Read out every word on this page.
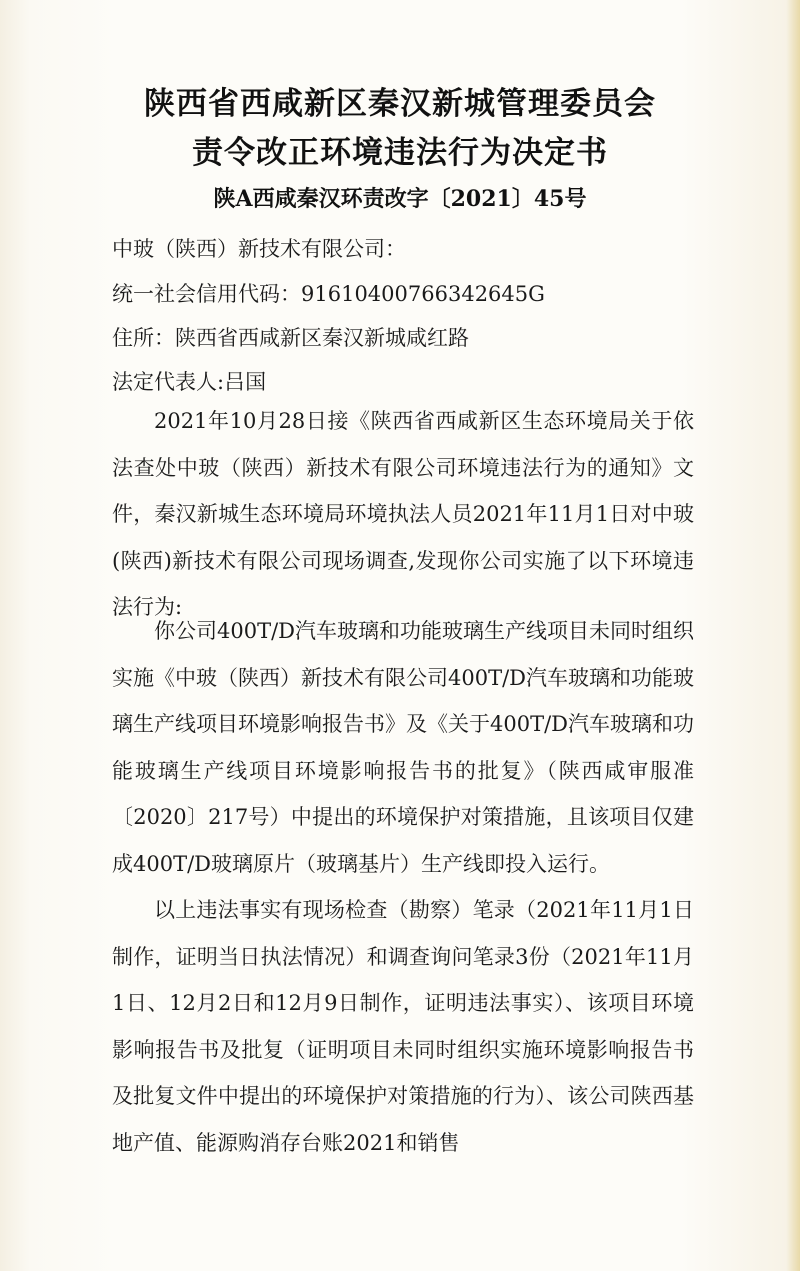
陕西省西咸新区秦汉新城管理委员会
责令改正环境违法行为决定书
陕A西咸秦汉环责改字〔2021〕45号
中玻（陕西）新技术有限公司：
统一社会信用代码：91610400766342645G
住所：陕西省西咸新区秦汉新城咸红路
法定代表人:吕国
2021年10月28日接《陕西省西咸新区生态环境局关于依法查处中玻（陕西）新技术有限公司环境违法行为的通知》文件，秦汉新城生态环境局环境执法人员2021年11月1日对中玻(陕西)新技术有限公司现场调查,发现你公司实施了以下环境违法行为:
你公司400T/D汽车玻璃和功能玻璃生产线项目未同时组织实施《中玻（陕西）新技术有限公司400T/D汽车玻璃和功能玻璃生产线项目环境影响报告书》及《关于400T/D汽车玻璃和功能玻璃生产线项目环境影响报告书的批复》（陕西咸审服准〔2020〕217号）中提出的环境保护对策措施，且该项目仅建成400T/D玻璃原片（玻璃基片）生产线即投入运行。
以上违法事实有现场检查（勘察）笔录（2021年11月1日制作，证明当日执法情况）和调查询问笔录3份（2021年11月1日、12月2日和12月9日制作，证明违法事实）、该项目环境影响报告书及批复（证明项目未同时组织实施环境影响报告书及批复文件中提出的环境保护对策措施的行为）、该公司陕西基地产值、能源购消存台账2021和销售
